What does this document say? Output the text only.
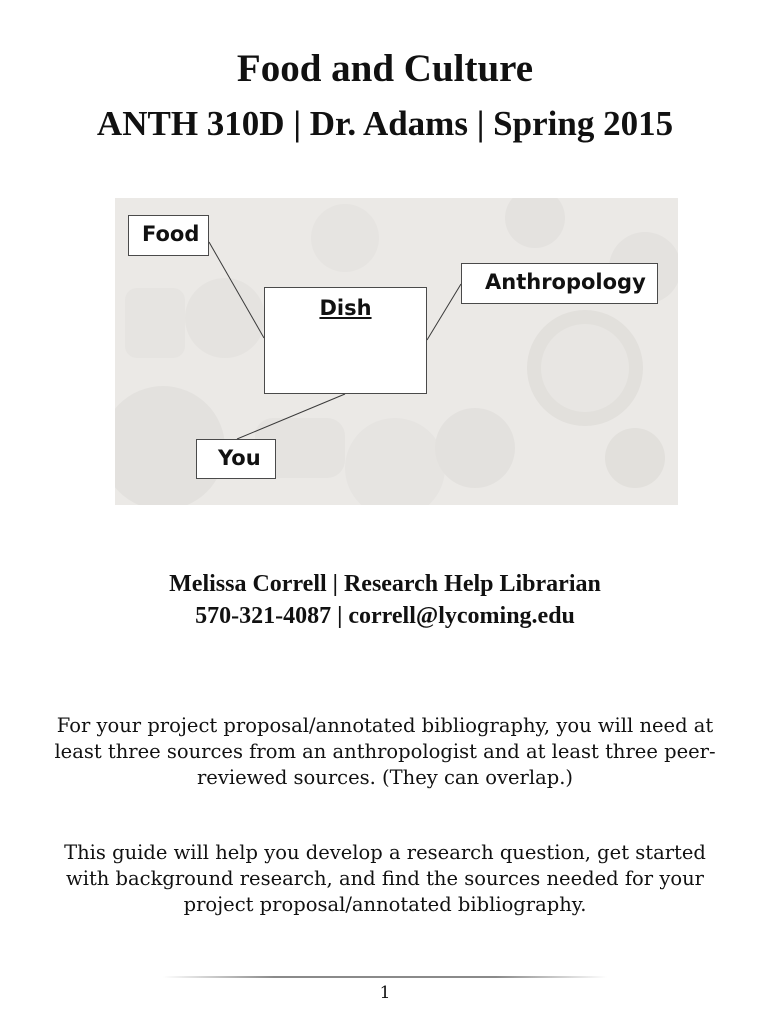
Food and Culture
ANTH 310D | Dr. Adams | Spring 2015
Food
Anthropology
Dish
You
Melissa Correll | Research Help Librarian
570-321-4087 | correll@lycoming.edu
For your project proposal/annotated bibliography, you will need at least three sources from an anthropologist and at least three peer-reviewed sources. (They can overlap.)
This guide will help you develop a research question, get started with background research, and find the sources needed for your project proposal/annotated bibliography.
1
